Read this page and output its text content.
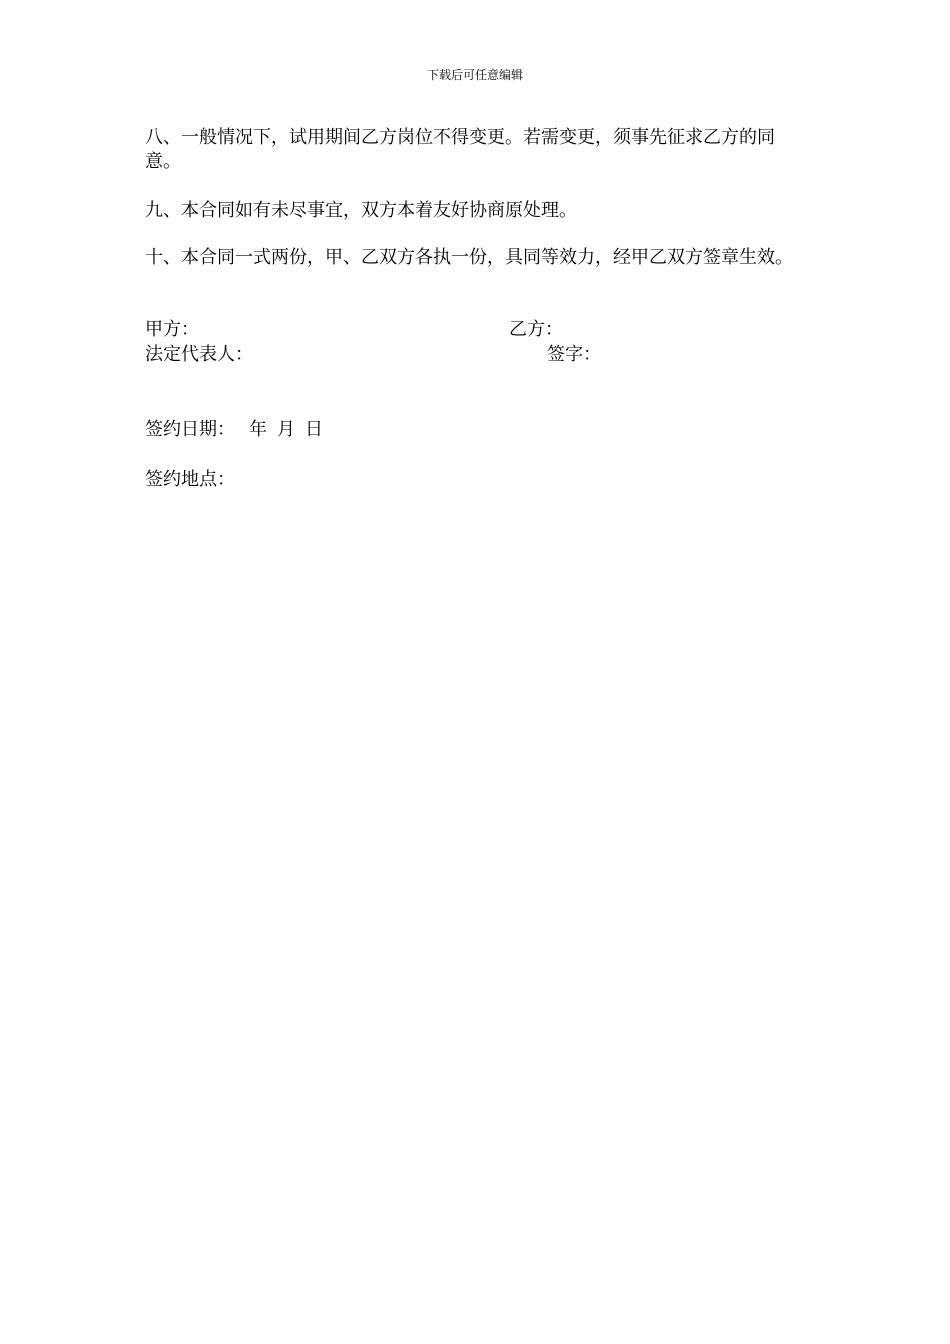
下载后可任意编辑

八、一般情况下，试用期间乙方岗位不得变更。若需变更，须事先征求乙方的同意。

九、本合同如有未尽事宜，双方本着友好协商原处理。

十、本合同一式两份，甲、乙双方各执一份，具同等效力，经甲乙双方签章生效。

甲方：	乙方：
法定代表人：	签字：
签约日期： 年 月 日
签约地点：
